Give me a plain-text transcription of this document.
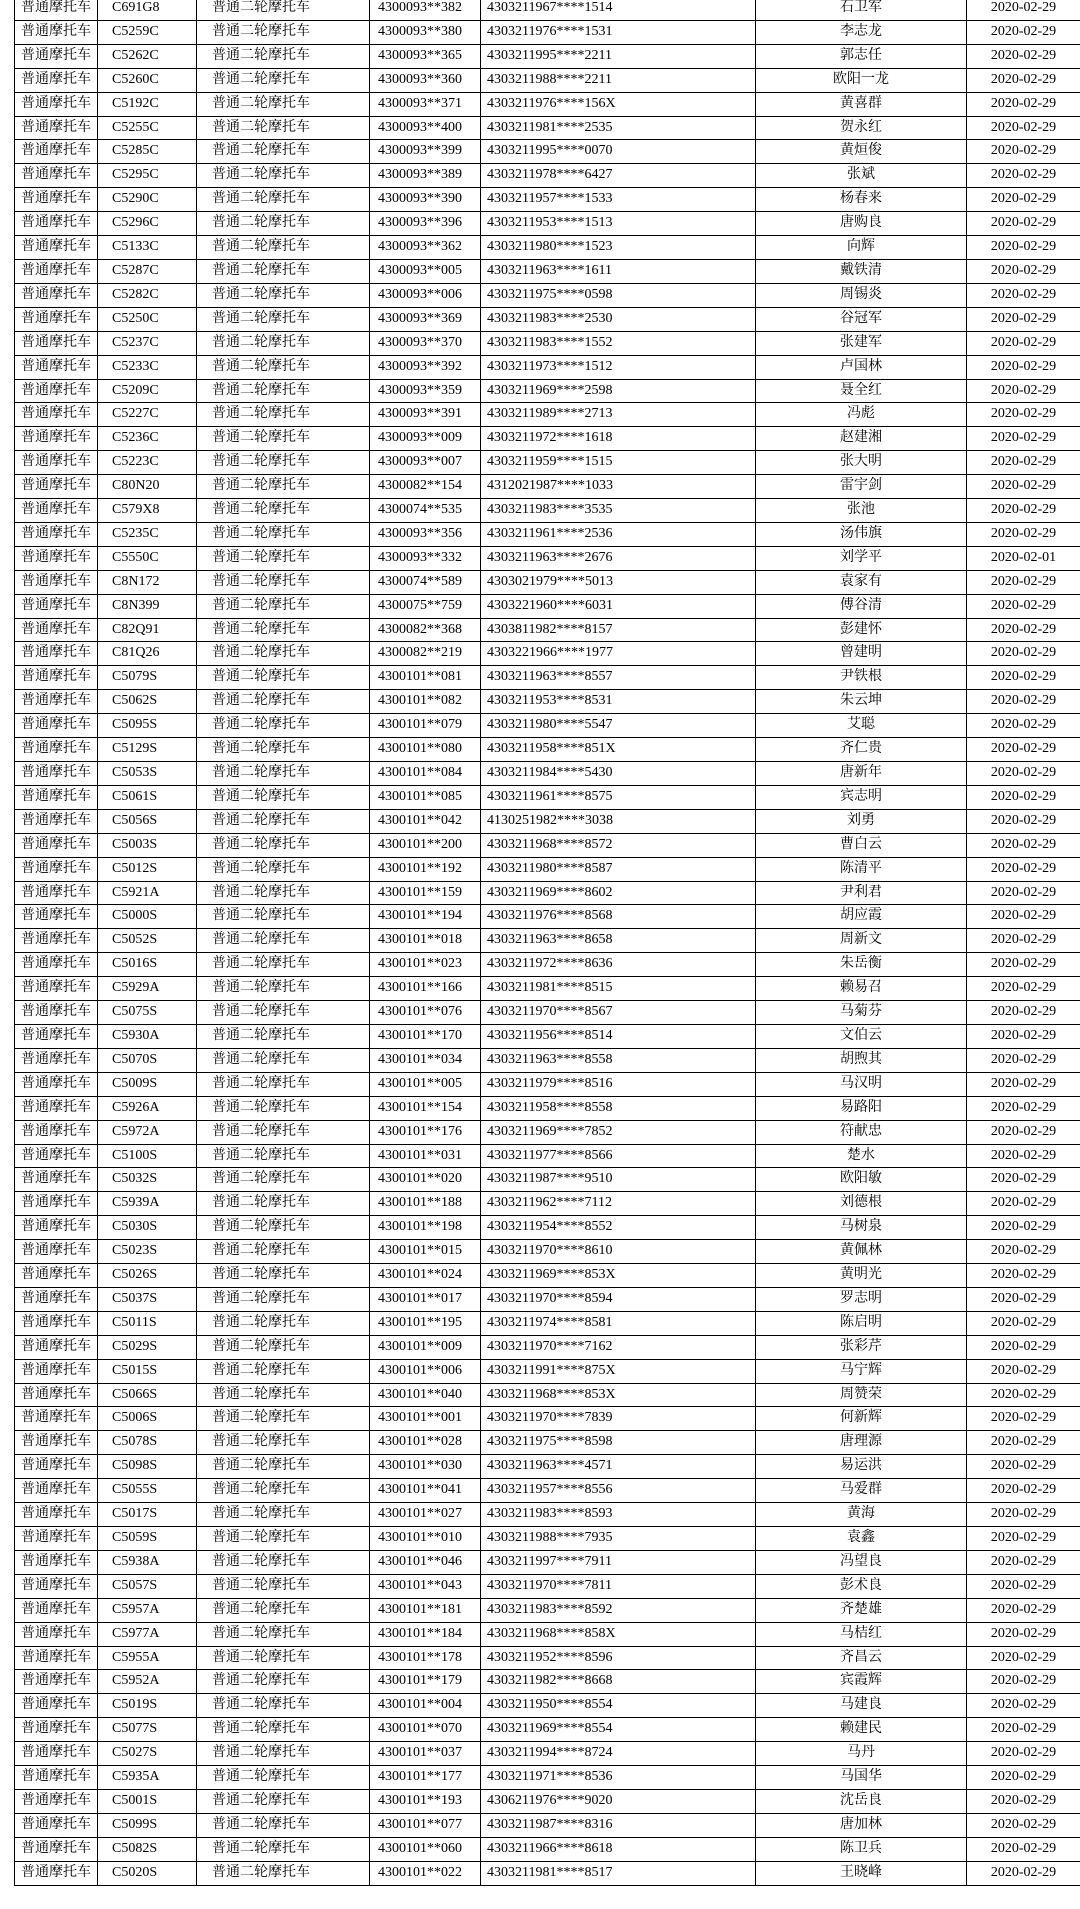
普通摩托车	C691G8	普通二轮摩托车	4300093**382	4303211967****1514	石卫军	2020-02-29
普通摩托车	C5259C	普通二轮摩托车	4300093**380	4303211976****1531	李志龙	2020-02-29
普通摩托车	C5262C	普通二轮摩托车	4300093**365	4303211995****2211	郭志任	2020-02-29
普通摩托车	C5260C	普通二轮摩托车	4300093**360	4303211988****2211	欧阳一龙	2020-02-29
普通摩托车	C5192C	普通二轮摩托车	4300093**371	4303211976****156X	黄喜群	2020-02-29
普通摩托车	C5255C	普通二轮摩托车	4300093**400	4303211981****2535	贺永红	2020-02-29
普通摩托车	C5285C	普通二轮摩托车	4300093**399	4303211995****0070	黄烜俊	2020-02-29
普通摩托车	C5295C	普通二轮摩托车	4300093**389	4303211978****6427	张斌	2020-02-29
普通摩托车	C5290C	普通二轮摩托车	4300093**390	4303211957****1533	杨春来	2020-02-29
普通摩托车	C5296C	普通二轮摩托车	4300093**396	4303211953****1513	唐购良	2020-02-29
普通摩托车	C5133C	普通二轮摩托车	4300093**362	4303211980****1523	向辉	2020-02-29
普通摩托车	C5287C	普通二轮摩托车	4300093**005	4303211963****1611	戴铁清	2020-02-29
普通摩托车	C5282C	普通二轮摩托车	4300093**006	4303211975****0598	周锡炎	2020-02-29
普通摩托车	C5250C	普通二轮摩托车	4300093**369	4303211983****2530	谷冠军	2020-02-29
普通摩托车	C5237C	普通二轮摩托车	4300093**370	4303211983****1552	张建军	2020-02-29
普通摩托车	C5233C	普通二轮摩托车	4300093**392	4303211973****1512	卢国林	2020-02-29
普通摩托车	C5209C	普通二轮摩托车	4300093**359	4303211969****2598	聂全红	2020-02-29
普通摩托车	C5227C	普通二轮摩托车	4300093**391	4303211989****2713	冯彪	2020-02-29
普通摩托车	C5236C	普通二轮摩托车	4300093**009	4303211972****1618	赵建湘	2020-02-29
普通摩托车	C5223C	普通二轮摩托车	4300093**007	4303211959****1515	张大明	2020-02-29
普通摩托车	C80N20	普通二轮摩托车	4300082**154	4312021987****1033	雷宇剑	2020-02-29
普通摩托车	C579X8	普通二轮摩托车	4300074**535	4303211983****3535	张池	2020-02-29
普通摩托车	C5235C	普通二轮摩托车	4300093**356	4303211961****2536	汤伟旗	2020-02-29
普通摩托车	C5550C	普通二轮摩托车	4300093**332	4303211963****2676	刘学平	2020-02-01
普通摩托车	C8N172	普通二轮摩托车	4300074**589	4303021979****5013	袁家有	2020-02-29
普通摩托车	C8N399	普通二轮摩托车	4300075**759	4303221960****6031	傅谷清	2020-02-29
普通摩托车	C82Q91	普通二轮摩托车	4300082**368	4303811982****8157	彭建怀	2020-02-29
普通摩托车	C81Q26	普通二轮摩托车	4300082**219	4303221966****1977	曾建明	2020-02-29
普通摩托车	C5079S	普通二轮摩托车	4300101**081	4303211963****8557	尹铁根	2020-02-29
普通摩托车	C5062S	普通二轮摩托车	4300101**082	4303211953****8531	朱云坤	2020-02-29
普通摩托车	C5095S	普通二轮摩托车	4300101**079	4303211980****5547	艾聪	2020-02-29
普通摩托车	C5129S	普通二轮摩托车	4300101**080	4303211958****851X	齐仁贵	2020-02-29
普通摩托车	C5053S	普通二轮摩托车	4300101**084	4303211984****5430	唐新年	2020-02-29
普通摩托车	C5061S	普通二轮摩托车	4300101**085	4303211961****8575	宾志明	2020-02-29
普通摩托车	C5056S	普通二轮摩托车	4300101**042	4130251982****3038	刘勇	2020-02-29
普通摩托车	C5003S	普通二轮摩托车	4300101**200	4303211968****8572	曹白云	2020-02-29
普通摩托车	C5012S	普通二轮摩托车	4300101**192	4303211980****8587	陈清平	2020-02-29
普通摩托车	C5921A	普通二轮摩托车	4300101**159	4303211969****8602	尹利君	2020-02-29
普通摩托车	C5000S	普通二轮摩托车	4300101**194	4303211976****8568	胡应霞	2020-02-29
普通摩托车	C5052S	普通二轮摩托车	4300101**018	4303211963****8658	周新文	2020-02-29
普通摩托车	C5016S	普通二轮摩托车	4300101**023	4303211972****8636	朱岳衡	2020-02-29
普通摩托车	C5929A	普通二轮摩托车	4300101**166	4303211981****8515	赖易召	2020-02-29
普通摩托车	C5075S	普通二轮摩托车	4300101**076	4303211970****8567	马菊芬	2020-02-29
普通摩托车	C5930A	普通二轮摩托车	4300101**170	4303211956****8514	文伯云	2020-02-29
普通摩托车	C5070S	普通二轮摩托车	4300101**034	4303211963****8558	胡煦其	2020-02-29
普通摩托车	C5009S	普通二轮摩托车	4300101**005	4303211979****8516	马汉明	2020-02-29
普通摩托车	C5926A	普通二轮摩托车	4300101**154	4303211958****8558	易路阳	2020-02-29
普通摩托车	C5972A	普通二轮摩托车	4300101**176	4303211969****7852	符献忠	2020-02-29
普通摩托车	C5100S	普通二轮摩托车	4300101**031	4303211977****8566	楚水	2020-02-29
普通摩托车	C5032S	普通二轮摩托车	4300101**020	4303211987****9510	欧阳敏	2020-02-29
普通摩托车	C5939A	普通二轮摩托车	4300101**188	4303211962****7112	刘德根	2020-02-29
普通摩托车	C5030S	普通二轮摩托车	4300101**198	4303211954****8552	马树泉	2020-02-29
普通摩托车	C5023S	普通二轮摩托车	4300101**015	4303211970****8610	黄佩林	2020-02-29
普通摩托车	C5026S	普通二轮摩托车	4300101**024	4303211969****853X	黄明光	2020-02-29
普通摩托车	C5037S	普通二轮摩托车	4300101**017	4303211970****8594	罗志明	2020-02-29
普通摩托车	C5011S	普通二轮摩托车	4300101**195	4303211974****8581	陈启明	2020-02-29
普通摩托车	C5029S	普通二轮摩托车	4300101**009	4303211970****7162	张彩芹	2020-02-29
普通摩托车	C5015S	普通二轮摩托车	4300101**006	4303211991****875X	马宁辉	2020-02-29
普通摩托车	C5066S	普通二轮摩托车	4300101**040	4303211968****853X	周赞荣	2020-02-29
普通摩托车	C5006S	普通二轮摩托车	4300101**001	4303211970****7839	何新辉	2020-02-29
普通摩托车	C5078S	普通二轮摩托车	4300101**028	4303211975****8598	唐理源	2020-02-29
普通摩托车	C5098S	普通二轮摩托车	4300101**030	4303211963****4571	易运洪	2020-02-29
普通摩托车	C5055S	普通二轮摩托车	4300101**041	4303211957****8556	马爱群	2020-02-29
普通摩托车	C5017S	普通二轮摩托车	4300101**027	4303211983****8593	黄海	2020-02-29
普通摩托车	C5059S	普通二轮摩托车	4300101**010	4303211988****7935	袁鑫	2020-02-29
普通摩托车	C5938A	普通二轮摩托车	4300101**046	4303211997****7911	冯望良	2020-02-29
普通摩托车	C5057S	普通二轮摩托车	4300101**043	4303211970****7811	彭术良	2020-02-29
普通摩托车	C5957A	普通二轮摩托车	4300101**181	4303211983****8592	齐楚雄	2020-02-29
普通摩托车	C5977A	普通二轮摩托车	4300101**184	4303211968****858X	马桔红	2020-02-29
普通摩托车	C5955A	普通二轮摩托车	4300101**178	4303211952****8596	齐昌云	2020-02-29
普通摩托车	C5952A	普通二轮摩托车	4300101**179	4303211982****8668	宾霞辉	2020-02-29
普通摩托车	C5019S	普通二轮摩托车	4300101**004	4303211950****8554	马建良	2020-02-29
普通摩托车	C5077S	普通二轮摩托车	4300101**070	4303211969****8554	赖建民	2020-02-29
普通摩托车	C5027S	普通二轮摩托车	4300101**037	4303211994****8724	马丹	2020-02-29
普通摩托车	C5935A	普通二轮摩托车	4300101**177	4303211971****8536	马国华	2020-02-29
普通摩托车	C5001S	普通二轮摩托车	4300101**193	4306211976****9020	沈岳良	2020-02-29
普通摩托车	C5099S	普通二轮摩托车	4300101**077	4303211987****8316	唐加林	2020-02-29
普通摩托车	C5082S	普通二轮摩托车	4300101**060	4303211966****8618	陈卫兵	2020-02-29
普通摩托车	C5020S	普通二轮摩托车	4300101**022	4303211981****8517	王晓峰	2020-02-29
